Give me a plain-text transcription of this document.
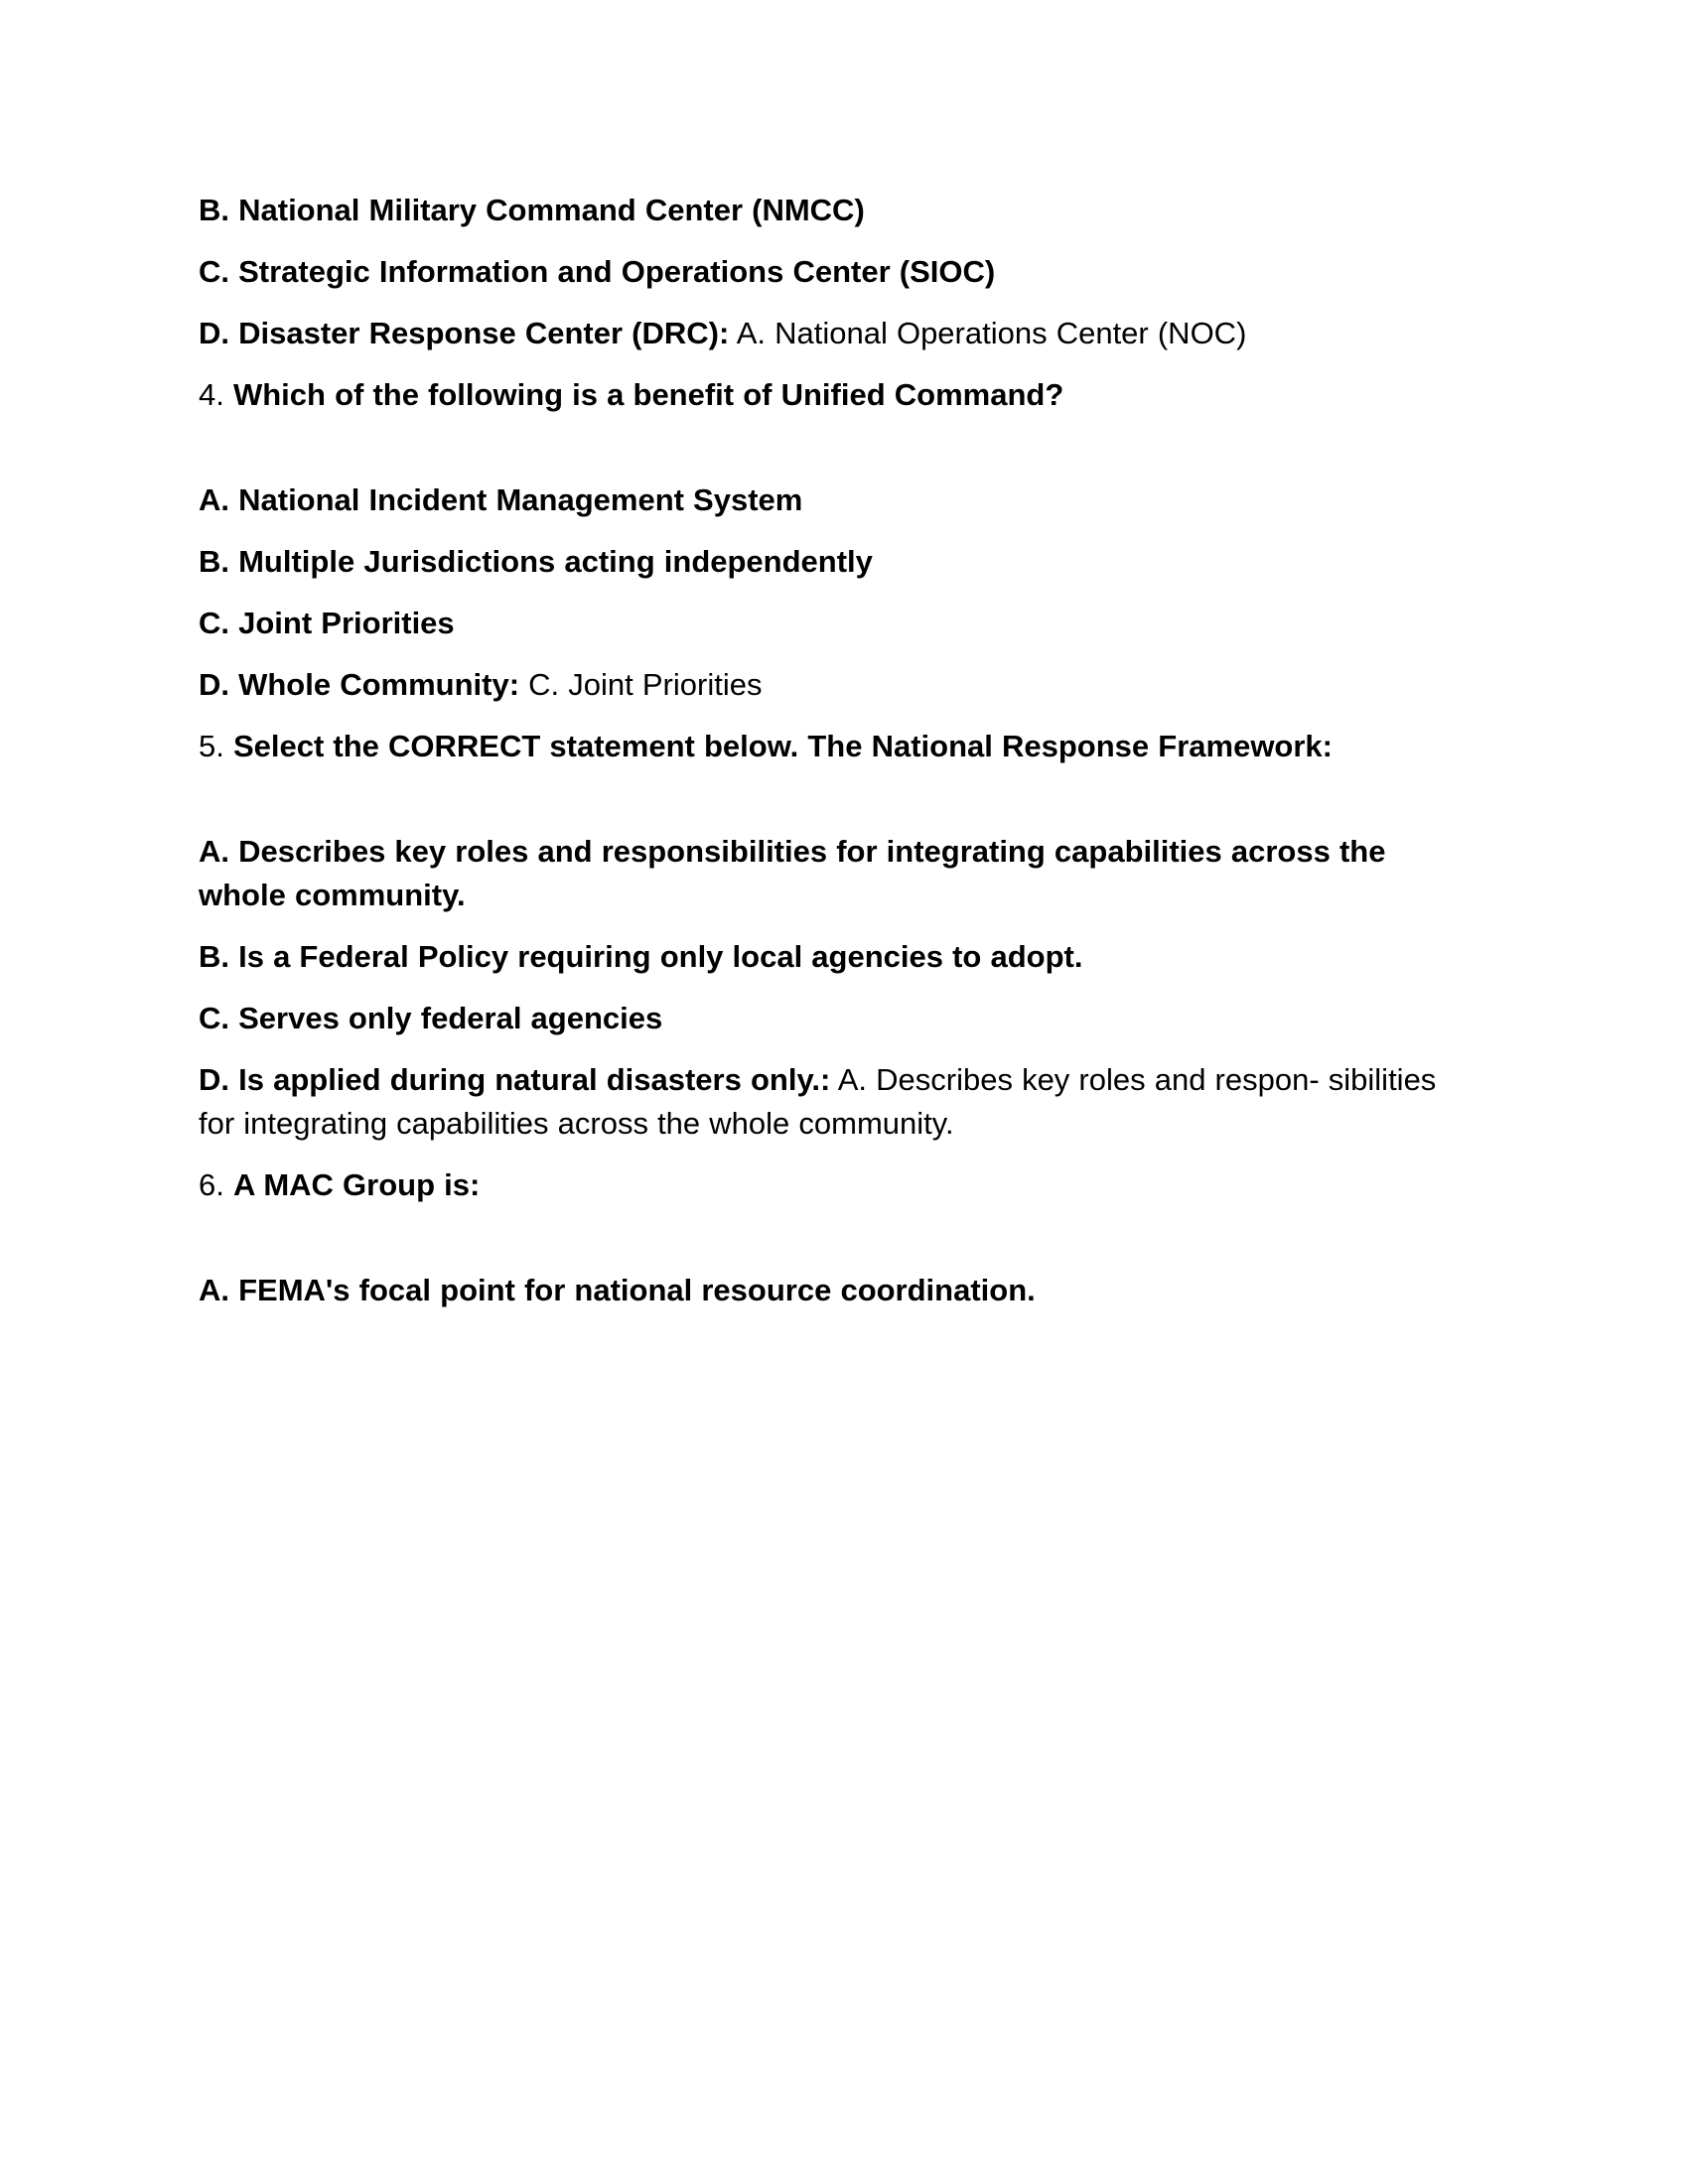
B. National Military Command Center (NMCC)

C. Strategic Information and Operations Center (SIOC)

D. Disaster Response Center (DRC): A. National Operations Center (NOC)

4. Which of the following is a benefit of Unified Command?

A. National Incident Management System

B. Multiple Jurisdictions acting independently

C. Joint Priorities

D. Whole Community: C. Joint Priorities

5. Select the CORRECT statement below. The National Response Framework:

A. Describes key roles and responsibilities for integrating capabilities across the whole community.

B. Is a Federal Policy requiring only local agencies to adopt.

C. Serves only federal agencies

D. Is applied during natural disasters only.: A. Describes key roles and respon- sibilities for integrating capabilities across the whole community.

6. A MAC Group is:

A. FEMA's focal point for national resource coordination.
